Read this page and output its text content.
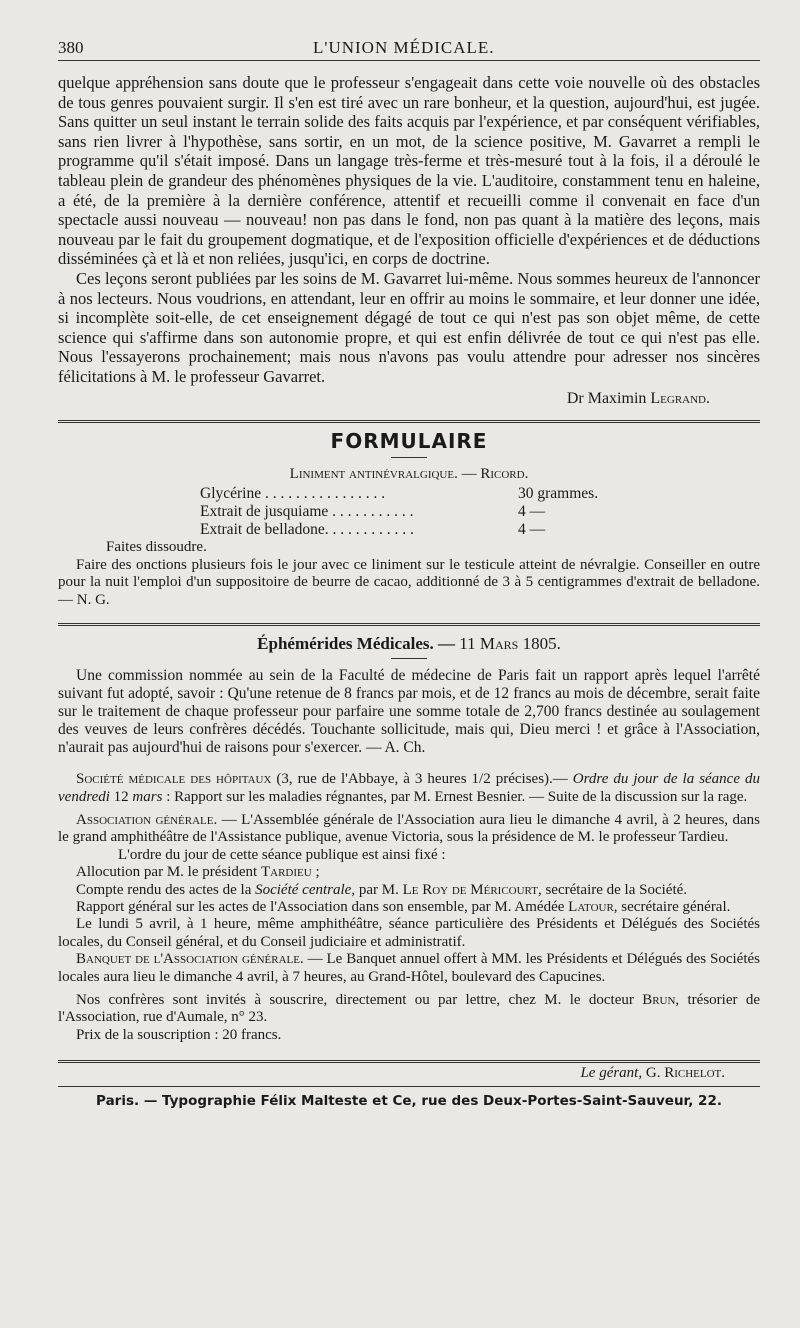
380	L'UNION MÉDICALE.

quelque appréhension sans doute que le professeur s'engageait dans cette voie nouvelle où des obstacles de tous genres pouvaient surgir. Il s'en est tiré avec un rare bonheur, et la question, aujourd'hui, est jugée. Sans quitter un seul instant le terrain solide des faits acquis par l'expérience, et par conséquent vérifiables, sans rien livrer à l'hypothèse, sans sortir, en un mot, de la science positive, M. Gavarret a rempli le programme qu'il s'était imposé. Dans un langage très-ferme et très-mesuré tout à la fois, il a déroulé le tableau plein de grandeur des phénomènes physiques de la vie. L'auditoire, constamment tenu en haleine, a été, de la première à la dernière conférence, attentif et recueilli comme il convenait en face d'un spectacle aussi nouveau — nouveau! non pas dans le fond, non pas quant à la matière des leçons, mais nouveau par le fait du groupement dogmatique, et de l'exposition officielle d'expériences et de déductions disséminées çà et là et non reliées, jusqu'ici, en corps de doctrine.

Ces leçons seront publiées par les soins de M. Gavarret lui-même. Nous sommes heureux de l'annoncer à nos lecteurs. Nous voudrions, en attendant, leur en offrir au moins le sommaire, et leur donner une idée, si incomplète soit-elle, de cet enseignement dégagé de tout ce qui n'est pas son objet même, de cette science qui s'affirme dans son autonomie propre, et qui est enfin délivrée de tout ce qui n'est pas elle. Nous l'essayerons prochainement; mais nous n'avons pas voulu attendre pour adresser nos sincères félicitations à M. le professeur Gavarret.

Dr Maximin Legrand.

FORMULAIRE
Liniment antinévralgique. — Ricord.
Glycérine . . . . . . . . . . . . . . . .	30 grammes.
Extrait de jusquiame . . . . . . . . . . .	4 —
Extrait de belladone. . . . . . . . . . . .	4 —

Faites dissoudre.

Faire des onctions plusieurs fois le jour avec ce liniment sur le testicule atteint de névralgie. Conseiller en outre pour la nuit l'emploi d'un suppositoire de beurre de cacao, additionné de 3 à 5 centigrammes d'extrait de belladone. — N. G.

Éphémérides Médicales. — 11 Mars 1805.

Une commission nommée au sein de la Faculté de médecine de Paris fait un rapport après lequel l'arrêté suivant fut adopté, savoir : Qu'une retenue de 8 francs par mois, et de 12 francs au mois de décembre, serait faite sur le traitement de chaque professeur pour parfaire une somme totale de 2,700 francs destinée au soulagement des veuves de leurs confrères décédés. Touchante sollicitude, mais qui, Dieu merci ! et grâce à l'Association, n'aurait pas aujourd'hui de raisons pour s'exercer. — A. Ch.

Société médicale des hôpitaux (3, rue de l'Abbaye, à 3 heures 1/2 précises).— Ordre du jour de la séance du vendredi 12 mars : Rapport sur les maladies régnantes, par M. Ernest Besnier. — Suite de la discussion sur la rage.

Association générale. — L'Assemblée générale de l'Association aura lieu le dimanche 4 avril, à 2 heures, dans le grand amphithéâtre de l'Assistance publique, avenue Victoria, sous la présidence de M. le professeur Tardieu.

L'ordre du jour de cette séance publique est ainsi fixé :

Allocution par M. le président Tardieu ;

Compte rendu des actes de la Société centrale, par M. Le Roy de Méricourt, secrétaire de la Société.

Rapport général sur les actes de l'Association dans son ensemble, par M. Amédée Latour, secrétaire général.

Le lundi 5 avril, à 1 heure, même amphithéâtre, séance particulière des Présidents et Délégués des Sociétés locales, du Conseil général, et du Conseil judiciaire et administratif.

Banquet de l'Association générale. — Le Banquet annuel offert à MM. les Présidents et Délégués des Sociétés locales aura lieu le dimanche 4 avril, à 7 heures, au Grand-Hôtel, boulevard des Capucines.

Nos confrères sont invités à souscrire, directement ou par lettre, chez M. le docteur Brun, trésorier de l'Association, rue d'Aumale, n° 23.

Prix de la souscription : 20 francs.

Le gérant, G. Richelot.

Paris. — Typographie Félix Malteste et Ce, rue des Deux-Portes-Saint-Sauveur, 22.
